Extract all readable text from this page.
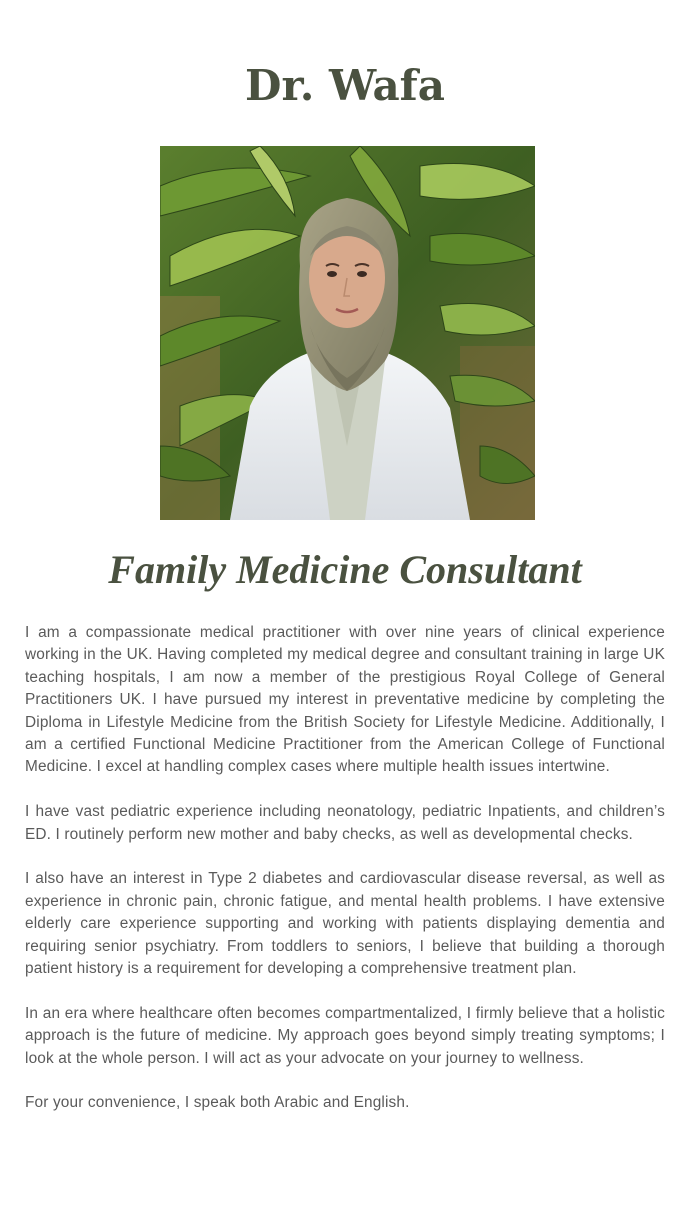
Dr. Wafa
Family Medicine Consultant

I am a compassionate medical practitioner with over nine years of clinical experience working in the UK. Having completed my medical degree and consultant training in large UK teaching hospitals, I am now a member of the prestigious Royal College of General Practitioners UK. I have pursued my interest in preventative medicine by completing the Diploma in Lifestyle Medicine from the British Society for Lifestyle Medicine. Additionally, I am a certified Functional Medicine Practitioner from the American College of Functional Medicine. I excel at handling complex cases where multiple health issues intertwine.

I have vast pediatric experience including neonatology, pediatric Inpatients, and children’s ED. I routinely perform new mother and baby checks, as well as developmental checks.

I also have an interest in Type 2 diabetes and cardiovascular disease reversal, as well as experience in chronic pain, chronic fatigue, and mental health problems. I have extensive elderly care experience supporting and working with patients displaying dementia and requiring senior psychiatry. From toddlers to seniors, I believe that building a thorough patient history is a requirement for developing a comprehensive treatment plan.

In an era where healthcare often becomes compartmentalized, I firmly believe that a holistic approach is the future of medicine. My approach goes beyond simply treating symptoms; I look at the whole person. I will act as your advocate on your journey to wellness.

For your convenience, I speak both Arabic and English.
